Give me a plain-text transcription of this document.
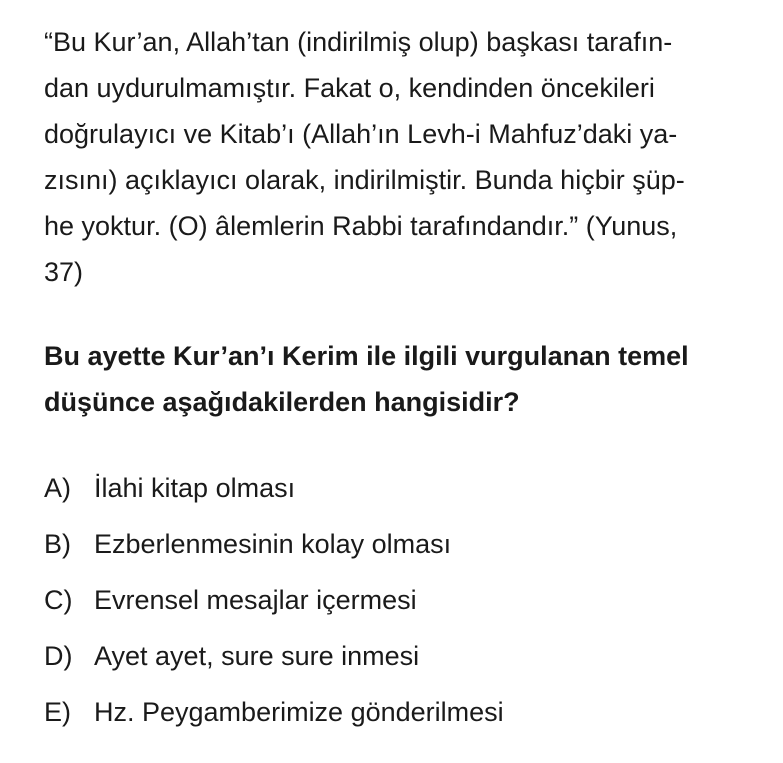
“Bu Kur’an, Allah’tan (indirilmiş olup) başkası tarafın-
dan uydurulmamıştır. Fakat o, kendinden öncekileri
doğrulayıcı ve Kitab’ı (Allah’ın Levh-i Mahfuz’daki ya-
zısını) açıklayıcı olarak, indirilmiştir. Bunda hiçbir şüp-
he yoktur. (O) âlemlerin Rabbi tarafındandır.” (Yunus,
37)
Bu ayette Kur’an’ı Kerim ile ilgili vurgulanan temel
düşünce aşağıdakilerden hangisidir?
A) İlahi kitap olması
B) Ezberlenmesinin kolay olması
C) Evrensel mesajlar içermesi
D) Ayet ayet, sure sure inmesi
E) Hz. Peygamberimize gönderilmesi
